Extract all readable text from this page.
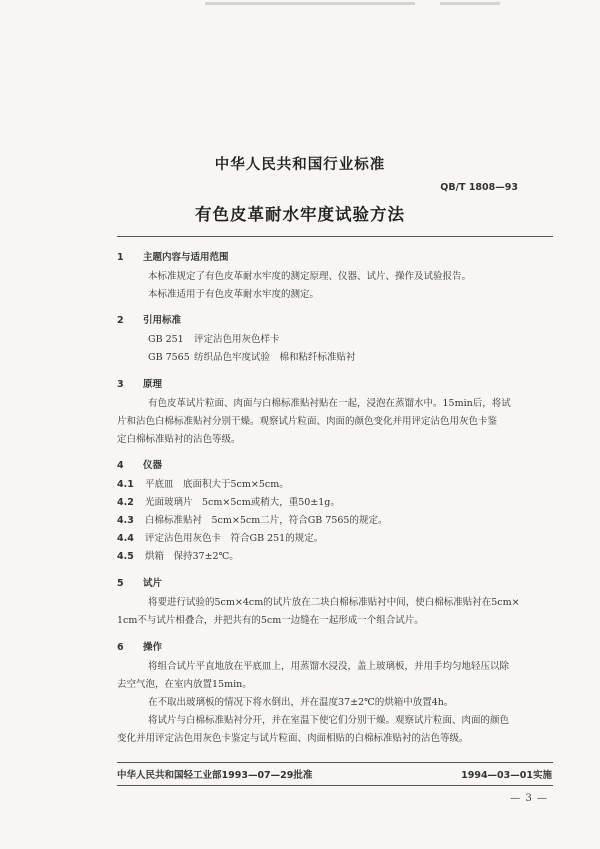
中华人民共和国行业标准
QB/T 1808—93
有色皮革耐水牢度试验方法
1 主题内容与适用范围
本标准规定了有色皮革耐水牢度的测定原理、仪器、试片、操作及试验报告。
本标准适用于有色皮革耐水牢度的测定。
2 引用标准
GB 251 评定沾色用灰色样卡
GB 7565 纺织品色牢度试验　棉和粘纤标准贴衬
3 原理
有色皮革试片粒面、肉面与白棉标准贴衬贴在一起，浸泡在蒸馏水中。15min后，将试
片和沾色白棉标准贴衬分别干燥。观察试片粒面、肉面的颜色变化并用评定沾色用灰色卡鉴
定白棉标准贴衬的沾色等级。
4 仪器
4.1 平底皿　底面积大于5cm×5cm。
4.2 光面玻璃片　5cm×5cm或稍大，重50±1g。
4.3 白棉标准贴衬　5cm×5cm二片，符合GB 7565的规定。
4.4 评定沾色用灰色卡　符合GB 251的规定。
4.5 烘箱　保持37±2℃。
5 试片
将要进行试验的5cm×4cm的试片放在二块白棉标准贴衬中间，使白棉标准贴衬在5cm×
1cm不与试片相叠合，并把共有的5cm一边缝在一起形成一个组合试片。
6 操作
将组合试片平直地放在平底皿上，用蒸馏水浸没，盖上玻璃板，并用手均匀地轻压以除
去空气泡，在室内放置15min。
在不取出玻璃板的情况下将水倒出，并在温度37±2℃的烘箱中放置4h。
将试片与白棉标准贴衬分开，并在室温下使它们分别干燥。观察试片粒面、肉面的颜色
变化并用评定沾色用灰色卡鉴定与试片粒面、肉面相贴的白棉标准贴衬的沾色等级。
中华人民共和国轻工业部1993—07—29批准	1994—03—01实施
— 3 —
